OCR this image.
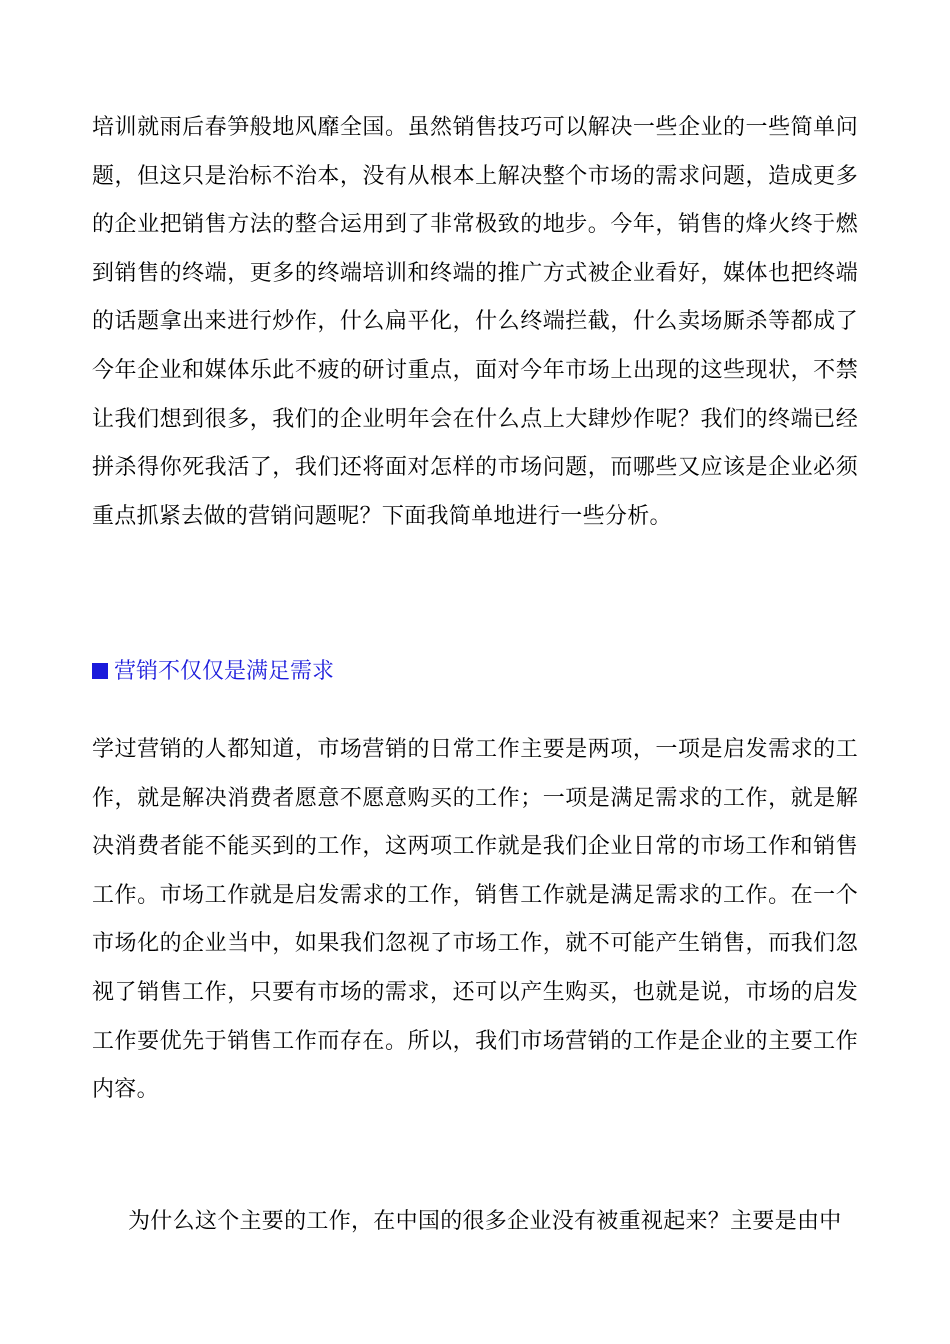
培训就雨后春笋般地风靡全国。虽然销售技巧可以解决一些企业的一些简单问题，但这只是治标不治本，没有从根本上解决整个市场的需求问题，造成更多的企业把销售方法的整合运用到了非常极致的地步。今年，销售的烽火终于燃到销售的终端，更多的终端培训和终端的推广方式被企业看好，媒体也把终端的话题拿出来进行炒作，什么扁平化，什么终端拦截，什么卖场厮杀等都成了今年企业和媒体乐此不疲的研讨重点，面对今年市场上出现的这些现状，不禁让我们想到很多，我们的企业明年会在什么点上大肆炒作呢？我们的终端已经拼杀得你死我活了，我们还将面对怎样的市场问题，而哪些又应该是企业必须重点抓紧去做的营销问题呢？下面我简单地进行一些分析。

营销不仅仅是满足需求

学过营销的人都知道，市场营销的日常工作主要是两项，一项是启发需求的工作，就是解决消费者愿意不愿意购买的工作；一项是满足需求的工作，就是解决消费者能不能买到的工作，这两项工作就是我们企业日常的市场工作和销售工作。市场工作就是启发需求的工作，销售工作就是满足需求的工作。在一个市场化的企业当中，如果我们忽视了市场工作，就不可能产生销售，而我们忽视了销售工作，只要有市场的需求，还可以产生购买，也就是说，市场的启发工作要优先于销售工作而存在。所以，我们市场营销的工作是企业的主要工作内容。

为什么这个主要的工作，在中国的很多企业没有被重视起来？主要是由中
